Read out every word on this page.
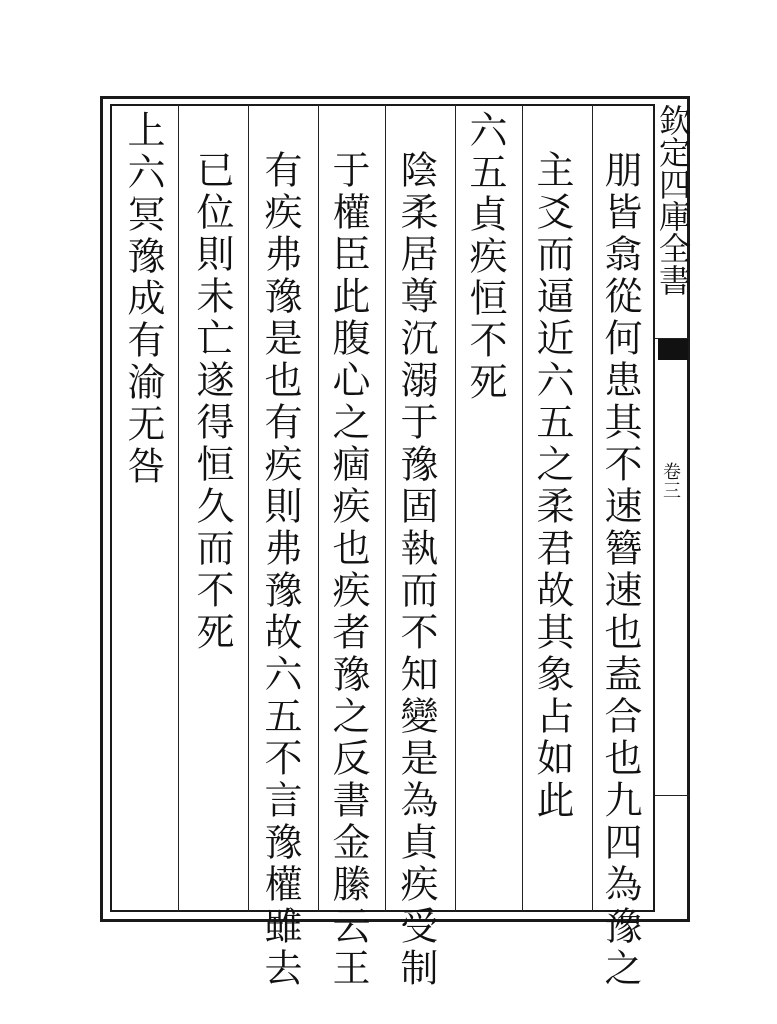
欽定四庫全書
卷三
朋皆翕從何患其不速簪速也盍合也九四為豫之
主爻而逼近六五之柔君故其象占如此
六五貞疾恒不死
陰柔居尊沉溺于豫固執而不知變是為貞疾受制
于權臣此腹心之痼疾也疾者豫之反書金縢云王
有疾弗豫是也有疾則弗豫故六五不言豫權雖去
已位則未亡遂得恒久而不死
上六冥豫成有渝无咎
